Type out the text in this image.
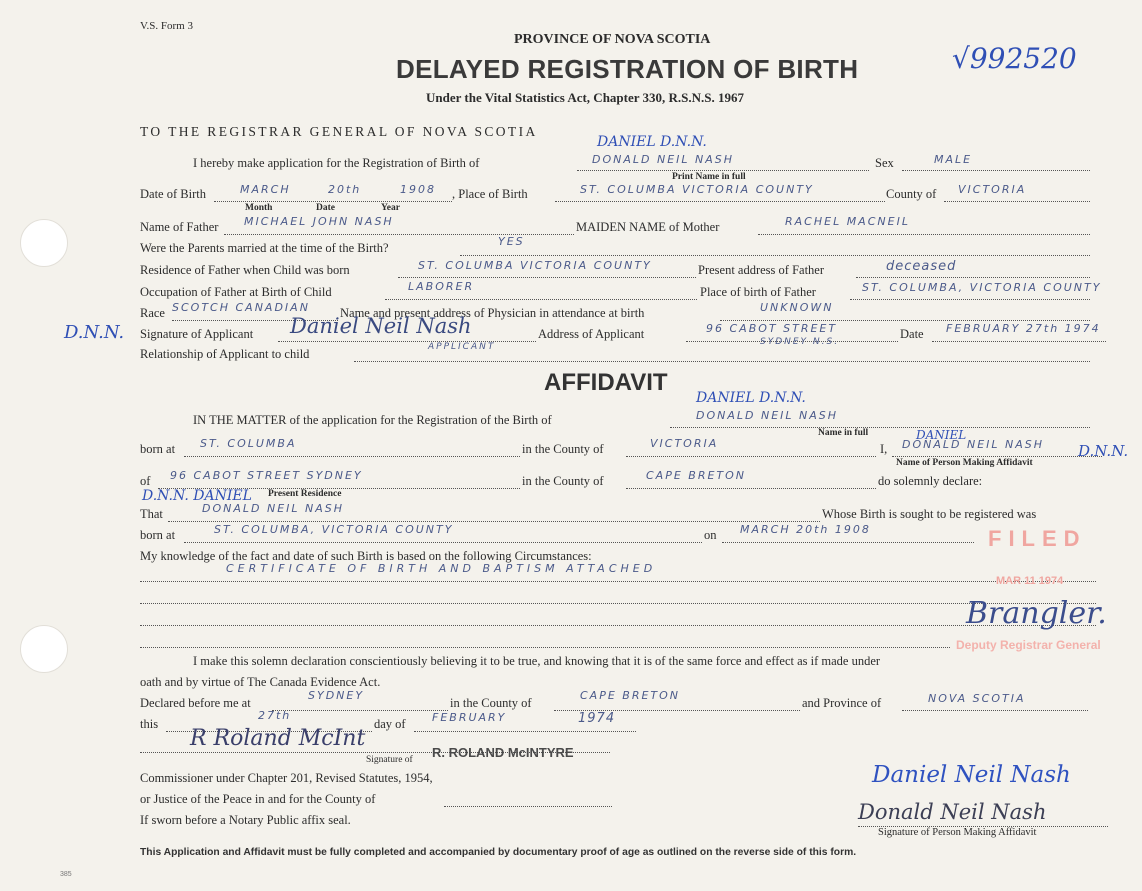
V.S. Form 3
PROVINCE OF NOVA SCOTIA
DELAYED REGISTRATION OF BIRTH
Under the Vital Statistics Act, Chapter 330, R.S.N.S. 1967
√992520
TO THE REGISTRAR GENERAL OF NOVA SCOTIA
I hereby make application for the Registration of Birth of	DONALD NEIL NASH
DANIEL D.N.N.
Print Name in full
Sex	MALE
Date of Birth	MARCH	20th	1908
Month	Date	Year
, Place of Birth	ST. COLUMBA VICTORIA COUNTY	County of VICTORIA
Name of Father MICHAEL JOHN NASH	MAIDEN NAME of Mother	RACHEL MACNEIL
Were the Parents married at the time of the Birth?	YES
Residence of Father when Child was born	ST. COLUMBA VICTORIA COUNTY	Present address of Father	deceased
Occupation of Father at Birth of Child	LABORER	Place of birth of Father	ST. COLUMBA, VICTORIA COUNTY
Race SCOTCH CANADIAN Name and present address of Physician in attendance at birth	UNKNOWN
D.N.N. Signature of Applicant Daniel Neil Nash	Address of Applicant	96 CABOT STREET
SYDNEY N.S.
Date FEBRUARY 27th 1974
Relationship of Applicant to child	APPLICANT
AFFIDAVIT
IN THE MATTER of the application for the Registration of the Birth of	DONALD NEIL NASH
DANIEL D.N.N.
Name in full
born at ST. COLUMBA	in the County of	VICTORIA	I, DONALD NEIL NASH
DANIEL
D.N.N.
Name of Person Making Affidavit
of 96 CABOT STREET SYDNEY
Present Residence
in the County of	CAPE BRETON	do solemnly declare:
D.N.N. DANIEL
That	DONALD NEIL NASH	Whose Birth is sought to be registered was
born at	ST. COLUMBA, VICTORIA COUNTY	on MARCH 20th 1908	FILED
My knowledge of the fact and date of such Birth is based on the following Circumstances:
CERTIFICATE OF BIRTH AND BAPTISM ATTACHED
MAR 11 1974
Brangler.
Deputy Registrar General
I make this solemn declaration conscientiously believing it to be true, and knowing that it is of the same force and effect as if made under
oath and by virtue of The Canada Evidence Act.
Declared before me at
SYDNEY
in the County of
CAPE BRETON
and Province of	NOVA SCOTIA
this
27th
day of FEBRUARY	1974
R Roland McInt
Signature of R. ROLAND McINTYRE
Commissioner under Chapter 201, Revised Statutes, 1954,
or Justice of the Peace in and for the County of
If sworn before a Notary Public affix seal.
Daniel Neil Nash
Donald Neil Nash
Signature of Person Making Affidavit
This Application and Affidavit must be fully completed and accompanied by documentary proof of age as outlined on the reverse side of this form.
385
